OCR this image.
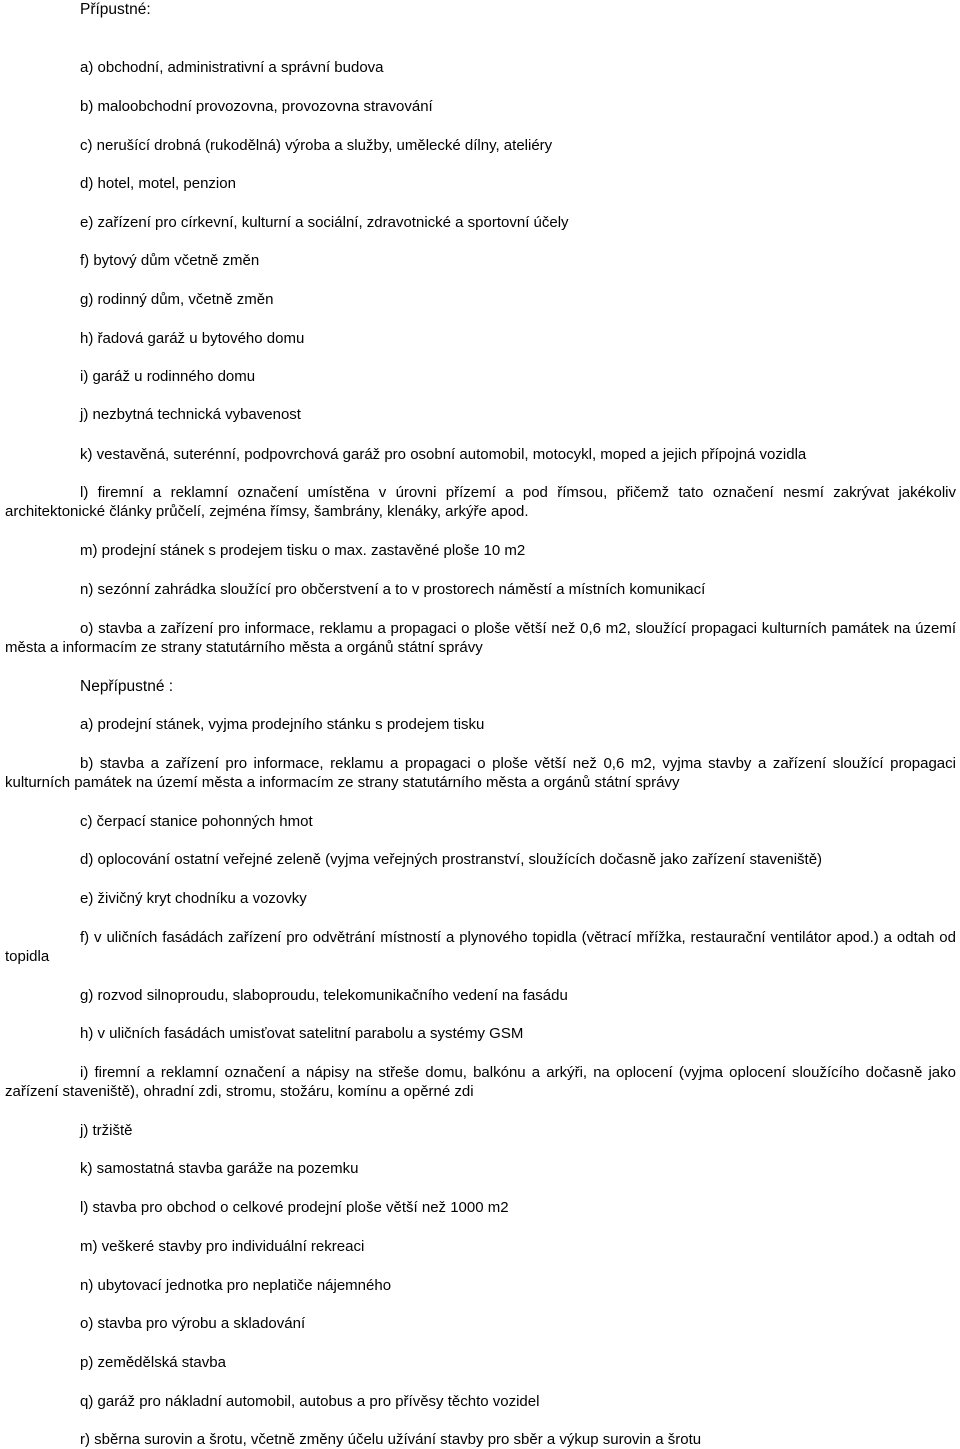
Přípustné:
a) obchodní, administrativní a správní budova
b) maloobchodní provozovna, provozovna stravování
c) nerušící drobná (rukodělná) výroba a služby, umělecké dílny, ateliéry
d) hotel, motel, penzion
e) zařízení pro církevní, kulturní a sociální, zdravotnické a sportovní účely
f) bytový dům včetně změn
g) rodinný dům, včetně změn
h) řadová garáž u bytového domu
i) garáž u rodinného domu
j) nezbytná technická vybavenost
k) vestavěná, suterénní, podpovrchová garáž pro osobní automobil, motocykl, moped a jejich přípojná vozidla
l) firemní a reklamní označení umístěna v úrovni přízemí a pod římsou, přičemž tato označení nesmí zakrývat jakékoliv architektonické články průčelí, zejména římsy, šambrány, klenáky, arkýře apod.
m) prodejní stánek s prodejem tisku o max. zastavěné ploše 10 m2
n) sezónní zahrádka sloužící pro občerstvení a to v prostorech náměstí a místních komunikací
o) stavba a zařízení pro informace, reklamu a propagaci o ploše větší než 0,6 m2, sloužící propagaci kulturních památek na území města a informacím ze strany statutárního města a orgánů státní správy
Nepřípustné :
a) prodejní stánek, vyjma prodejního stánku s prodejem tisku
b) stavba a zařízení pro informace, reklamu a propagaci o ploše větší než 0,6 m2, vyjma stavby a zařízení sloužící propagaci kulturních památek na území města a informacím ze strany statutárního města a orgánů státní správy
c) čerpací stanice pohonných hmot
d) oplocování ostatní veřejné zeleně (vyjma veřejných prostranství, sloužících dočasně jako zařízení staveniště)
e) živičný kryt chodníku a vozovky
f) v uličních fasádách zařízení pro odvětrání místností a plynového topidla (větrací mřížka, restaurační ventilátor apod.) a odtah od topidla
g) rozvod silnoproudu, slaboproudu, telekomunikačního vedení na fasádu
h) v uličních fasádách umisťovat satelitní parabolu a systémy GSM
i) firemní a reklamní označení a nápisy na střeše domu, balkónu a arkýři, na oplocení (vyjma oplocení sloužícího dočasně jako zařízení staveniště), ohradní zdi, stromu, stožáru, komínu a opěrné zdi
j) tržiště
k) samostatná stavba garáže na pozemku
l) stavba pro obchod o celkové prodejní ploše větší než 1000 m2
m) veškeré stavby pro individuální rekreaci
n) ubytovací jednotka pro neplatiče nájemného
o) stavba pro výrobu a skladování
p) zemědělská stavba
q) garáž pro nákladní automobil, autobus a pro přívěsy těchto vozidel
r) sběrna surovin a šrotu, včetně změny účelu užívání stavby pro sběr a výkup surovin a šrotu
